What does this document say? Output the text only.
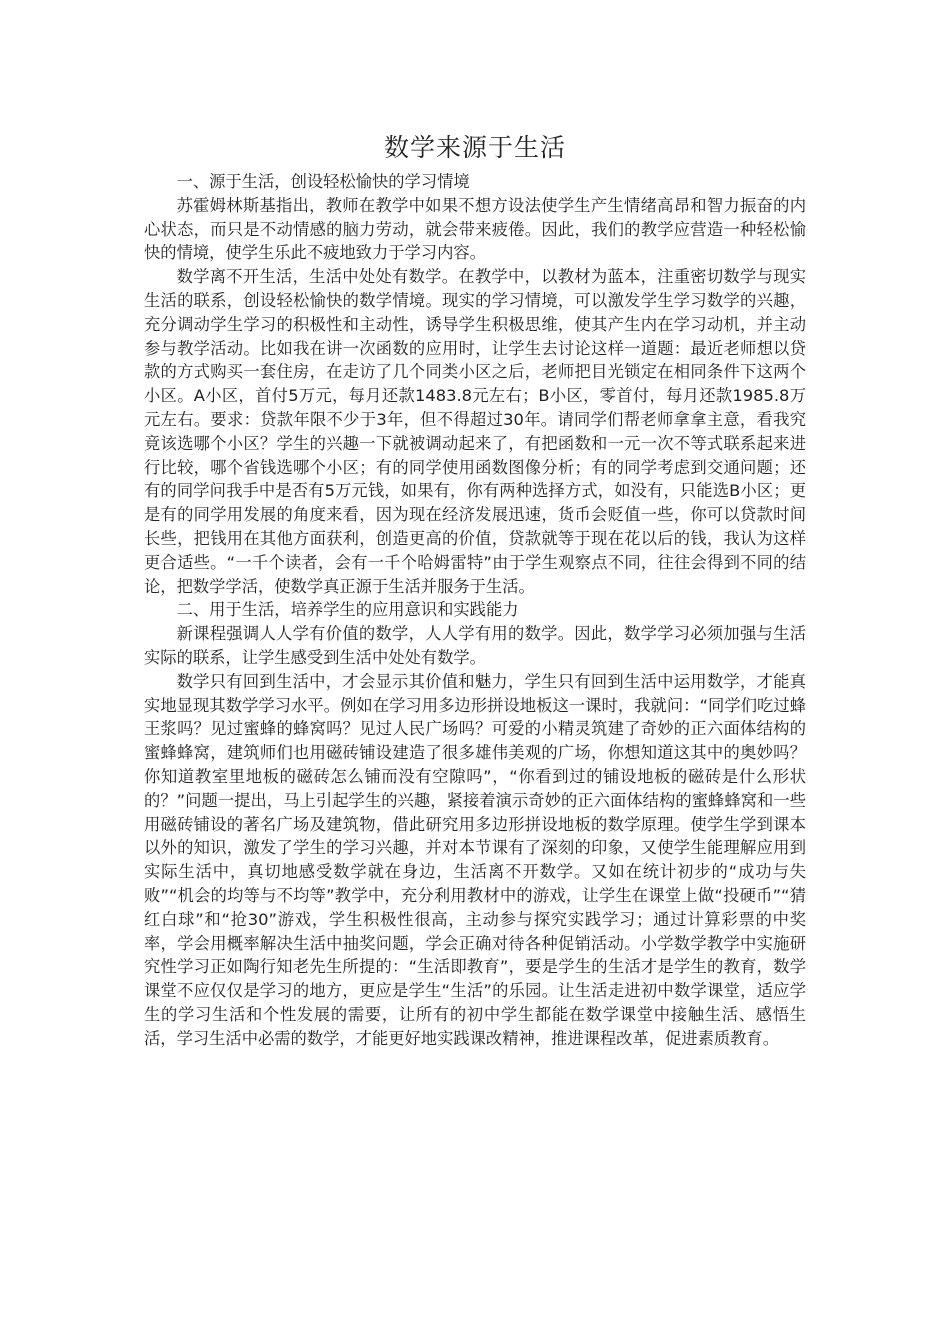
数学来源于生活

一、源于生活，创设轻松愉快的学习情境

苏霍姆林斯基指出，教师在教学中如果不想方设法使学生产生情绪高昂和智力振奋的内心状态，而只是不动情感的脑力劳动，就会带来疲倦。因此，我们的教学应营造一种轻松愉快的情境，使学生乐此不疲地致力于学习内容。

数学离不开生活，生活中处处有数学。在教学中，以教材为蓝本，注重密切数学与现实生活的联系，创设轻松愉快的数学情境。现实的学习情境，可以激发学生学习数学的兴趣，充分调动学生学习的积极性和主动性，诱导学生积极思维，使其产生内在学习动机，并主动参与教学活动。比如我在讲一次函数的应用时，让学生去讨论这样一道题：最近老师想以贷款的方式购买一套住房，在走访了几个同类小区之后，老师把目光锁定在相同条件下这两个小区。A小区，首付5万元，每月还款1483.8元左右；B小区，零首付，每月还款1985.8万元左右。要求：贷款年限不少于3年，但不得超过30年。请同学们帮老师拿拿主意，看我究竟该选哪个小区？学生的兴趣一下就被调动起来了，有把函数和一元一次不等式联系起来进行比较，哪个省钱选哪个小区；有的同学使用函数图像分析；有的同学考虑到交通问题；还有的同学问我手中是否有5万元钱，如果有，你有两种选择方式，如没有，只能选B小区；更是有的同学用发展的角度来看，因为现在经济发展迅速，货币会贬值一些，你可以贷款时间长些，把钱用在其他方面获利，创造更高的价值，贷款就等于现在花以后的钱，我认为这样更合适些。“一千个读者，会有一千个哈姆雷特”由于学生观察点不同，往往会得到不同的结论，把数学学活，使数学真正源于生活并服务于生活。

二、用于生活，培养学生的应用意识和实践能力

新课程强调人人学有价值的数学，人人学有用的数学。因此，数学学习必须加强与生活实际的联系，让学生感受到生活中处处有数学。

数学只有回到生活中，才会显示其价值和魅力，学生只有回到生活中运用数学，才能真实地显现其数学学习水平。例如在学习用多边形拼设地板这一课时，我就问：“同学们吃过蜂王浆吗？见过蜜蜂的蜂窝吗？见过人民广场吗？可爱的小精灵筑建了奇妙的正六面体结构的蜜蜂蜂窝，建筑师们也用磁砖铺设建造了很多雄伟美观的广场，你想知道这其中的奥妙吗？你知道教室里地板的磁砖怎么铺而没有空隙吗”，“你看到过的铺设地板的磁砖是什么形状的？”问题一提出，马上引起学生的兴趣，紧接着演示奇妙的正六面体结构的蜜蜂蜂窝和一些用磁砖铺设的著名广场及建筑物，借此研究用多边形拼设地板的数学原理。使学生学到课本以外的知识，激发了学生的学习兴趣，并对本节课有了深刻的印象，又使学生能理解应用到实际生活中，真切地感受数学就在身边，生活离不开数学。又如在统计初步的“成功与失败”“机会的均等与不均等”教学中，充分利用教材中的游戏，让学生在课堂上做“投硬币”“猜红白球”和“抢30”游戏，学生积极性很高，主动参与探究实践学习；通过计算彩票的中奖率，学会用概率解决生活中抽奖问题，学会正确对待各种促销活动。小学数学教学中实施研究性学习正如陶行知老先生所提的：“生活即教育”，要是学生的生活才是学生的教育，数学课堂不应仅仅是学习的地方，更应是学生“生活”的乐园。让生活走进初中数学课堂，适应学生的学习生活和个性发展的需要，让所有的初中学生都能在数学课堂中接触生活、感悟生活，学习生活中必需的数学，才能更好地实践课改精神，推进课程改革，促进素质教育。
